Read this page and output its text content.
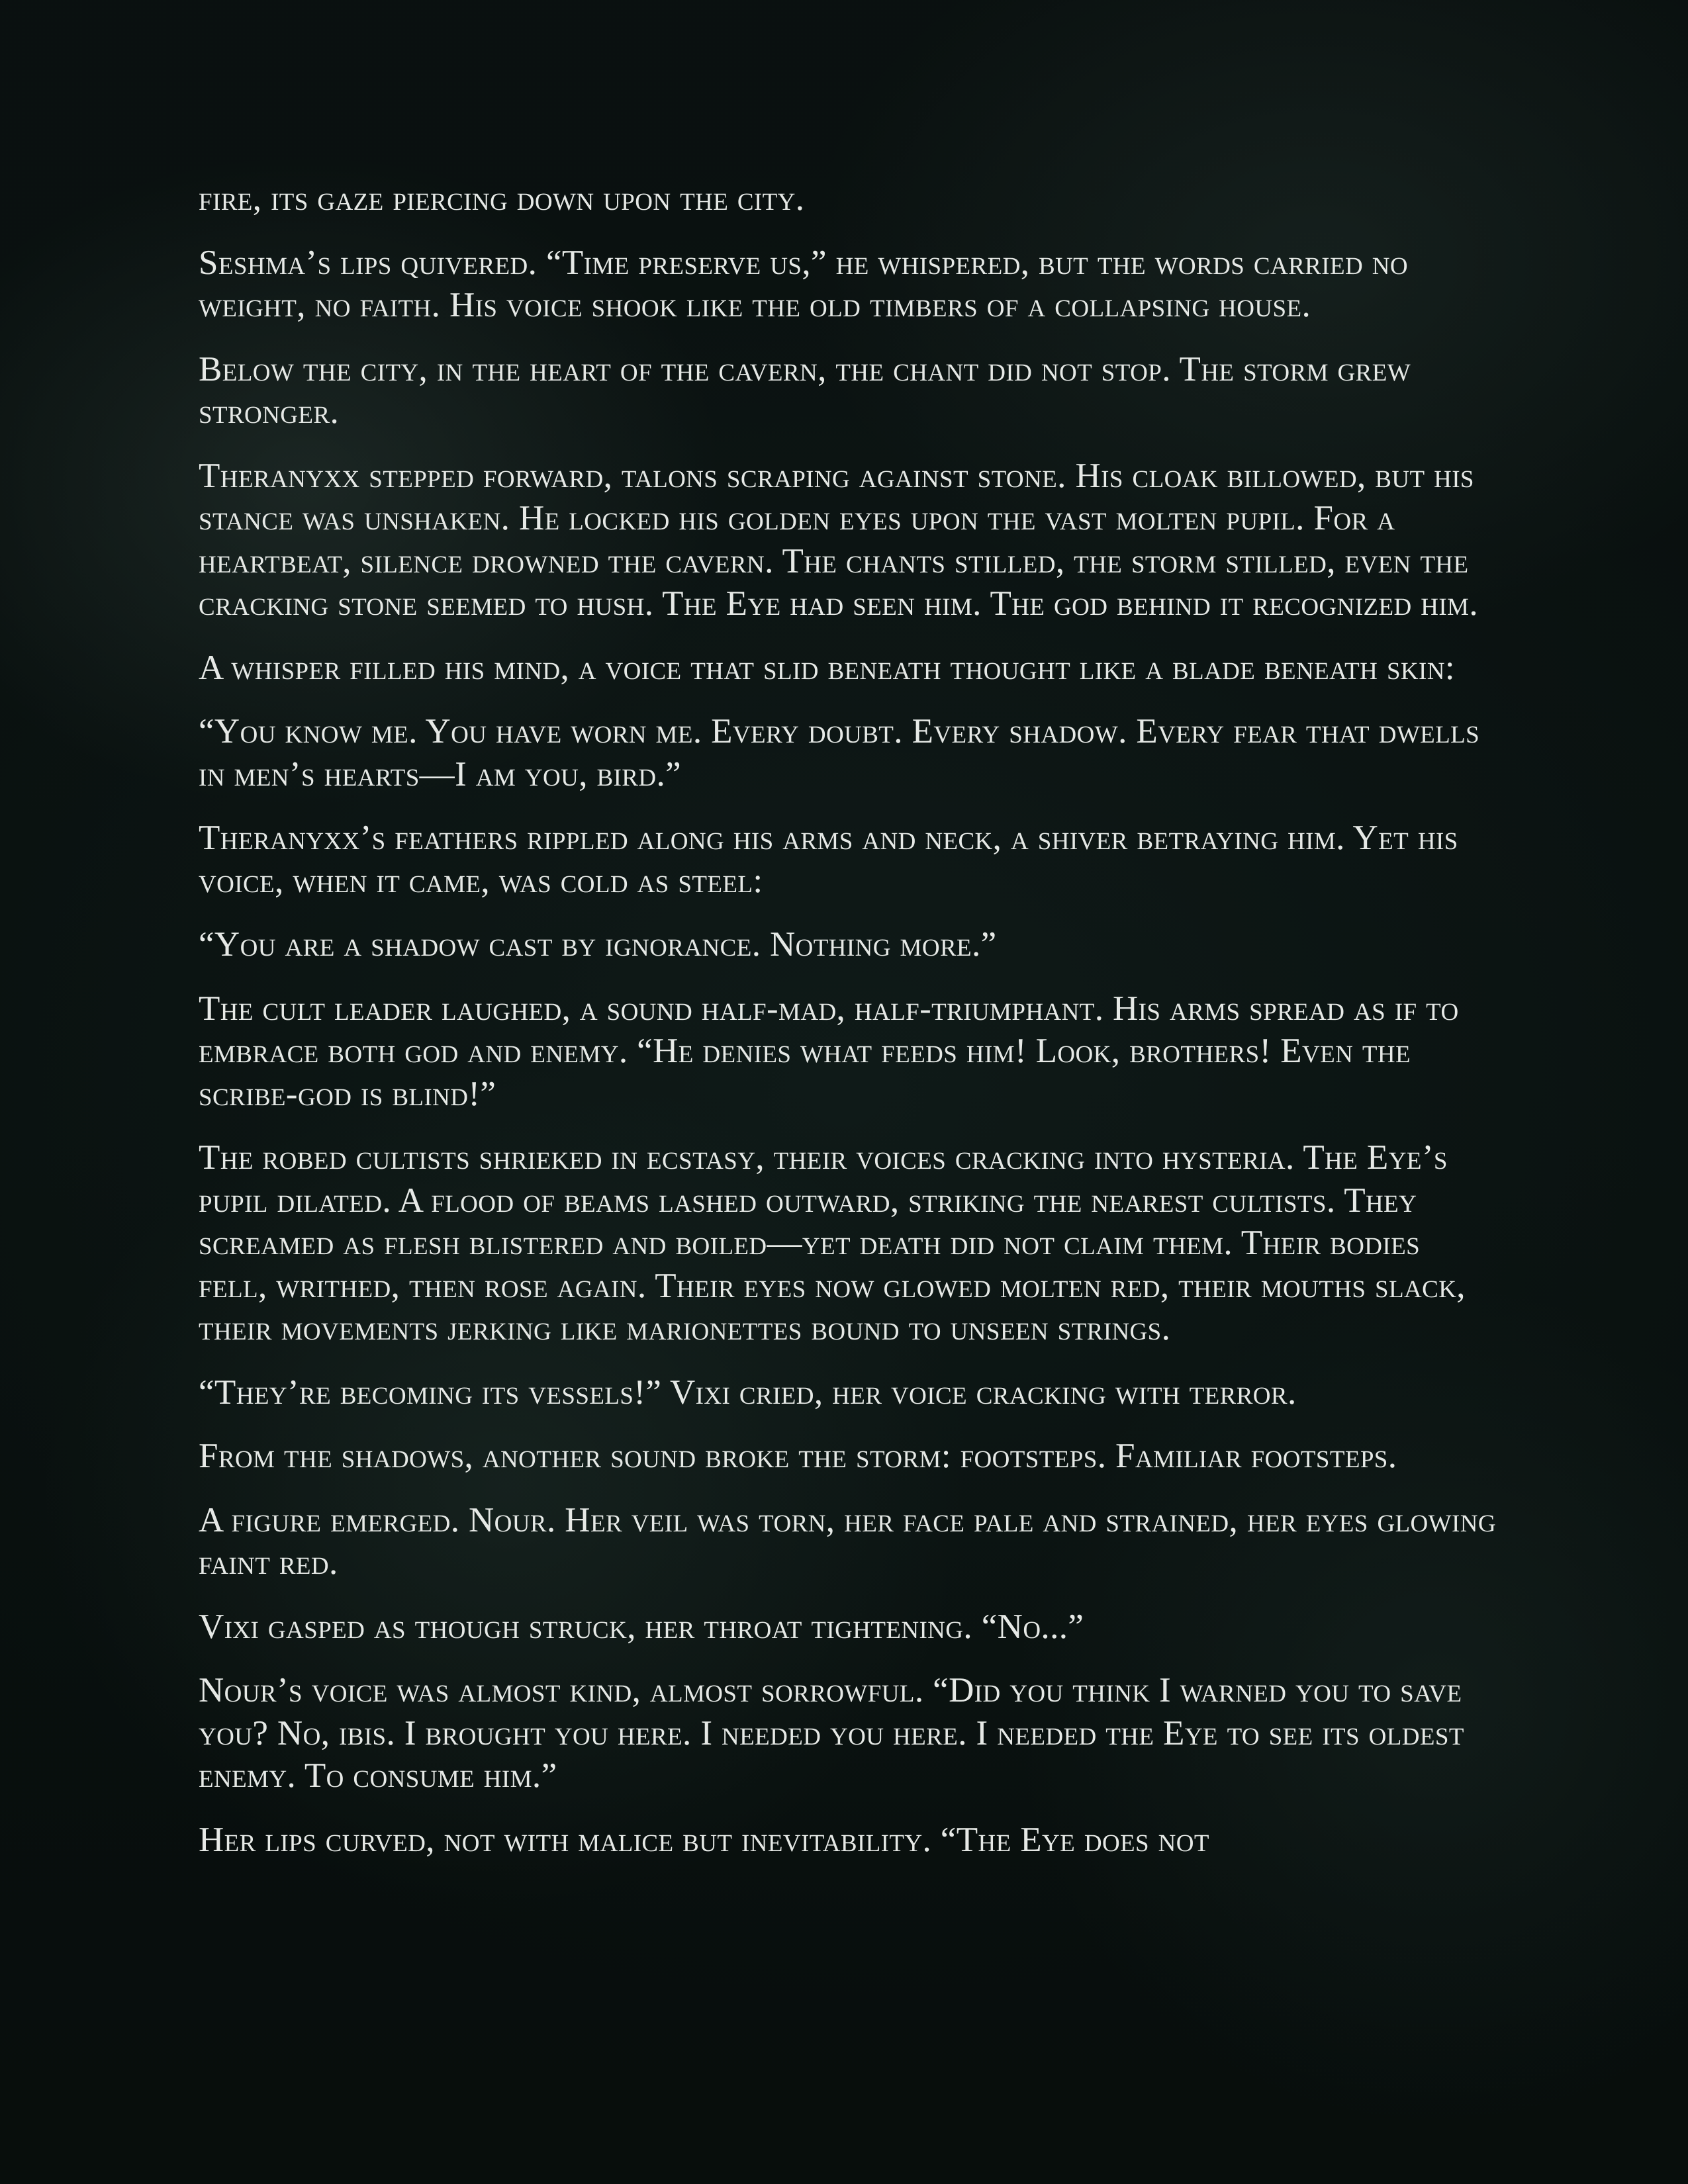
fire, its gaze piercing down upon the city.

Seshma’s lips quivered. “Time preserve us,” he whispered, but the words carried no weight, no faith. His voice shook like the old timbers of a collapsing house.

Below the city, in the heart of the cavern, the chant did not stop. The storm grew stronger.

Theranyxx stepped forward, talons scraping against stone. His cloak billowed, but his stance was unshaken. He locked his golden eyes upon the vast molten pupil. For a heartbeat, silence drowned the cavern. The chants stilled, the storm stilled, even the cracking stone seemed to hush. The Eye had seen him. The god behind it recognized him.

A whisper filled his mind, a voice that slid beneath thought like a blade beneath skin:

“You know me. You have worn me. Every doubt. Every shadow. Every fear that dwells in men’s hearts—I am you, bird.”

Theranyxx’s feathers rippled along his arms and neck, a shiver betraying him. Yet his voice, when it came, was cold as steel:

“You are a shadow cast by ignorance. Nothing more.”

The cult leader laughed, a sound half-mad, half-triumphant. His arms spread as if to embrace both god and enemy. “He denies what feeds him! Look, brothers! Even the scribe-god is blind!”

The robed cultists shrieked in ecstasy, their voices cracking into hysteria. The Eye’s pupil dilated. A flood of beams lashed outward, striking the nearest cultists. They screamed as flesh blistered and boiled—yet death did not claim them. Their bodies fell, writhed, then rose again. Their eyes now glowed molten red, their mouths slack, their movements jerking like marionettes bound to unseen strings.

“They’re becoming its vessels!” Vixi cried, her voice cracking with terror.

From the shadows, another sound broke the storm: footsteps. Familiar footsteps.

A figure emerged. Nour. Her veil was torn, her face pale and strained, her eyes glowing faint red.

Vixi gasped as though struck, her throat tightening. “No...”

Nour’s voice was almost kind, almost sorrowful. “Did you think I warned you to save you? No, ibis. I brought you here. I needed you here. I needed the Eye to see its oldest enemy. To consume him.”

Her lips curved, not with malice but inevitability. “The Eye does not
